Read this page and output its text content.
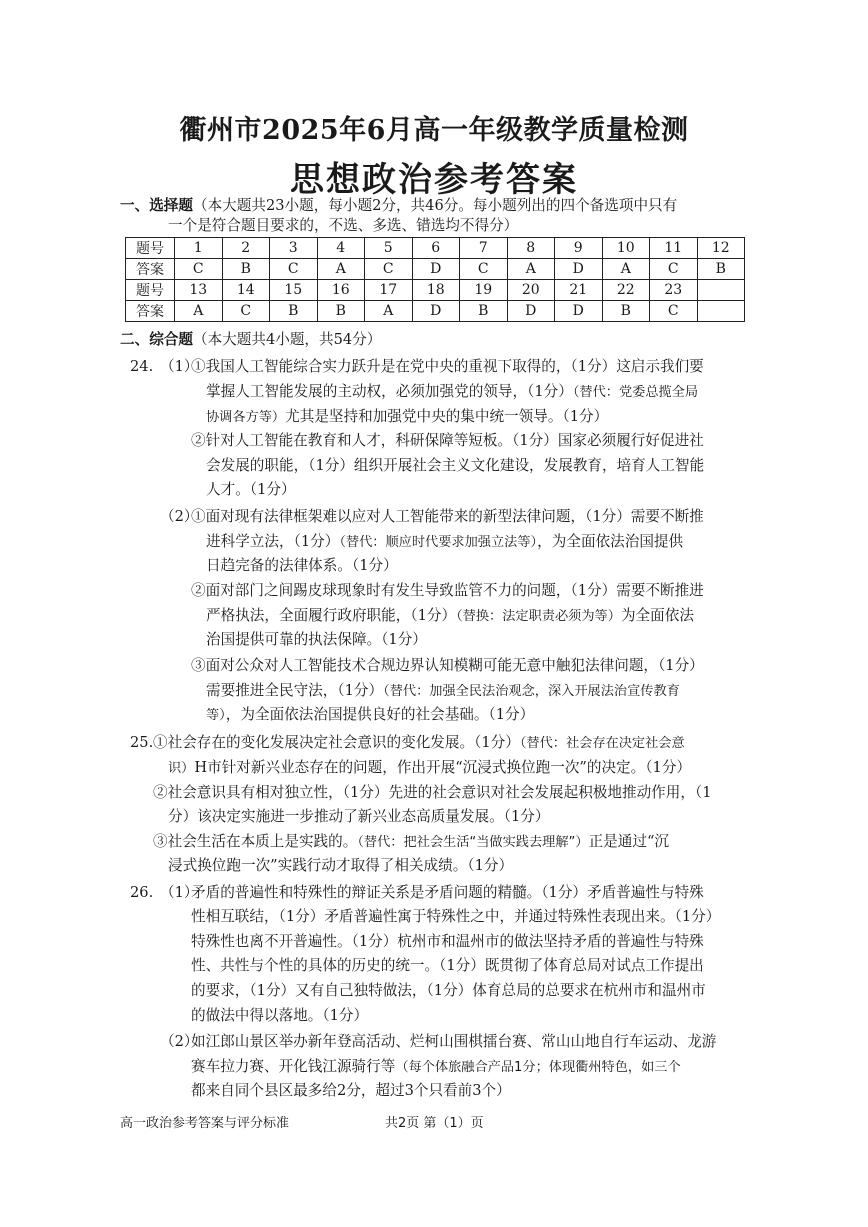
衢州市2025年6月高一年级教学质量检测
思想政治参考答案
一、选择题（本大题共23小题，每小题2分，共46分。每小题列出的四个备选项中只有
一个是符合题目要求的，不选、多选、错选均不得分）
题号	1	2	3	4	5	6	7	8	9	10	11	12
答案	C	B	C	A	C	D	C	A	D	A	C	B
题号	13	14	15	16	17	18	19	20	21	22	23	
答案	A	C	B	B	A	D	B	D	D	B	C	
二、综合题（本大题共4小题，共54分）
24. （1）
①我国人工智能综合实力跃升是在党中央的重视下取得的，（1分）这启示我们要
掌握人工智能发展的主动权，必须加强党的领导，（1分）（替代：党委总揽全局
协调各方等）尤其是坚持和加强党中央的集中统一领导。（1分）
②针对人工智能在教育和人才，科研保障等短板。（1分）国家必须履行好促进社
会发展的职能，（1分）组织开展社会主义文化建设，发展教育，培育人工智能
人才。（1分）
（2）
①面对现有法律框架难以应对人工智能带来的新型法律问题，（1分）需要不断推
进科学立法，（1分）（替代：顺应时代要求加强立法等），为全面依法治国提供
日趋完备的法律体系。（1分）
②面对部门之间踢皮球现象时有发生导致监管不力的问题，（1分）需要不断推进
严格执法，全面履行政府职能，（1分）（替换：法定职责必须为等）为全面依法
治国提供可靠的执法保障。（1分）
③面对公众对人工智能技术合规边界认知模糊可能无意中触犯法律问题，（1分）
需要推进全民守法，（1分）（替代：加强全民法治观念，深入开展法治宣传教育
等），为全面依法治国提供良好的社会基础。（1分）
25. ①社会存在的变化发展决定社会意识的变化发展。（1分）（替代：社会存在决定社会意
识）H市针对新兴业态存在的问题，作出开展“沉浸式换位跑一次”的决定。（1分）
②社会意识具有相对独立性，（1分）先进的社会意识对社会发展起积极地推动作用，（1
分）该决定实施进一步推动了新兴业态高质量发展。（1分）
③社会生活在本质上是实践的。（替代：把社会生活“当做实践去理解”）正是通过“沉
浸式换位跑一次”实践行动才取得了相关成绩。（1分）
26. （1）
矛盾的普遍性和特殊性的辩证关系是矛盾问题的精髓。（1分）矛盾普遍性与特殊
性相互联结，（1分）矛盾普遍性寓于特殊性之中，并通过特殊性表现出来。（1分）
特殊性也离不开普遍性。（1分）杭州市和温州市的做法坚持矛盾的普遍性与特殊
性、共性与个性的具体的历史的统一。（1分）既贯彻了体育总局对试点工作提出
的要求，（1分）又有自己独特做法，（1分）体育总局的总要求在杭州市和温州市
的做法中得以落地。（1分）
（2）
如江郎山景区举办新年登高活动、烂柯山围棋擂台赛、常山山地自行车运动、龙游
赛车拉力赛、开化钱江源骑行等（每个体旅融合产品1分；体现衢州特色，如三个
都来自同个县区最多给2分，超过3个只看前3个）
高一政治参考答案与评分标准	共2页 第（1）页
